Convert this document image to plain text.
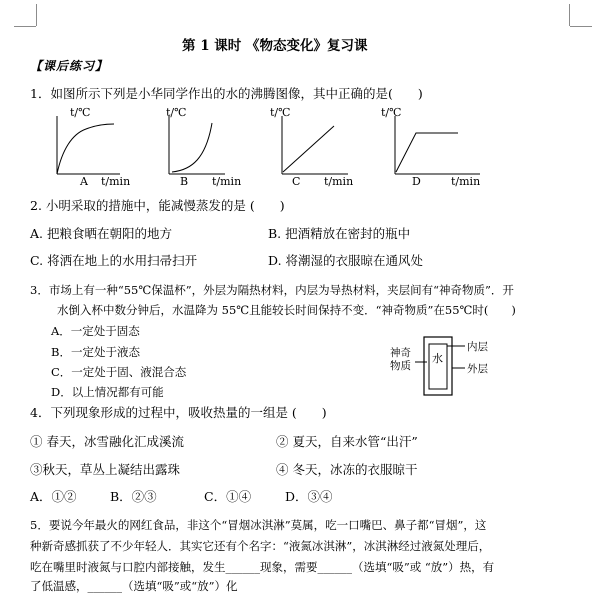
第 1 课时 《物态变化》复习课
【课后练习】
1．如图所示下列是小华同学作出的水的沸腾图像，其中正确的是(　　)
t/℃
A t/min
t/℃
B t/min
t/℃
C t/min
t/℃
D	t/min
2. 小明采取的措施中，能减慢蒸发的是 (　　)
A. 把粮食晒在朝阳的地方	B. 把酒精放在密封的瓶中
C. 将洒在地上的水用扫帚扫开	D. 将潮湿的衣服晾在通风处
3．市场上有一种“55℃保温杯”，外层为隔热材料，内层为导热材料，夹层间有“神奇物质”．开
水倒入杯中数分钟后，水温降为 55℃且能较长时间保持不变．“神奇物质”在55℃时(　　)
A．一定处于固态
B．一定处于液态
C．一定处于固、液混合态
D．以上情况都有可能
水
神奇
物质
内层
外层
4．下列现象形成的过程中，吸收热量的一组是 (　　)
① 春天，冰雪融化汇成溪流	② 夏天，自来水管“出汗”
③秋天，草丛上凝结出露珠	④ 冬天，冰冻的衣服晾干
A．①②	B．②③	C．①④	D．③④
5．要说今年最火的网红食品，非这个“冒烟冰淇淋”莫属，吃一口嘴巴、鼻子都“冒烟”，这
种新奇感抓获了不少年轻人．其实它还有个名字：“液氮冰淇淋”，冰淇淋经过液氮处理后，
吃在嘴里时液氮与口腔内部接触，发生______现象，需要______（选填“吸”或 “放”）热，有
了低温感，______（选填“吸”或“放”）化
